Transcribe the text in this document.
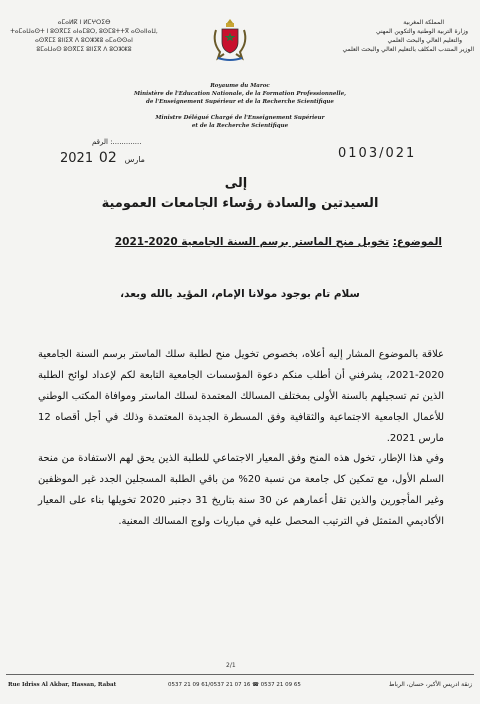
ⴰⵎⴰⵍⴽ ⵏ ⵍⵎⵖⵔⵉⴱ
ⵜⴰⵎⴰⵡⴰⵙⵜ ⵏ ⵓⵙⴳⵎⵉ ⴰⵏⴰⵎⵓⵔ, ⵓⵙⵎⵓⵜⵜⴳ ⴰⵙⴰⵏⵏⴰⵡ,
ⴰⵙⴳⵎⵉ ⵓⵏⵏⵉⴳ ⴷ ⵓⵔⵣⵣⵓ ⴰⵎⴰⵙⵙⴰⵏ
ⵓⵎⴰⵡⴰⵙ ⵓⵙⴳⵎⵉ ⵓⵏⵏⵉⴳ ⴷ ⵓⵔⵣⵣⵓ
المملكة المغربية
وزارة التربية الوطنية والتكوين المهني
والتعليم العالي والبحث العلمي
الوزير المنتدب المكلف بالتعليم العالي والبحث العلمي
Royaume du Maroc
Ministère de l'Education Nationale, de la Formation Professionnelle,
de l'Enseignement Supérieur et de la Recherche Scientifique
Ministre Délégué Chargé de l'Enseignement Supérieur
et de la Recherche Scientifique
الرقم :.............
2021	مارس 02	0103/021
إلى
السيدتين والسادة رؤساء الجامعات العمومية
الموضوع: تخويل منح الماستر برسم السنة الجامعية 2020-2021
سلام تام بوجود مولانا الإمام، المؤيد بالله وبعد،
علاقة بالموضوع المشار إليه أعلاه، بخصوص تخويل منح لطلبة سلك الماستر برسم السنة الجامعية 2020-2021، يشرفني أن أطلب منكم دعوة المؤسسات الجامعية التابعة لكم لإعداد لوائح الطلبة الذين تم تسجيلهم بالسنة الأولى بمختلف المسالك المعتمدة لسلك الماستر وموافاة المكتب الوطني للأعمال الجامعية الاجتماعية والثقافية وفق المسطرة الجديدة المعتمدة وذلك في أجل أقصاه 12 مارس 2021.
وفي هذا الإطار، تخول هذه المنح وفق المعيار الاجتماعي للطلبة الذين يحق لهم الاستفادة من منحة السلم الأول، مع تمكين كل جامعة من نسبة 20% من باقي الطلبة المسجلين الجدد غير الموظفين وغير المأجورين والذين تقل أعمارهم عن 30 سنة بتاريخ 31 دجنبر 2020 تخويلها بناء على المعيار الأكاديمي المتمثل في الترتيب المحصل عليه في مباريات ولوج المسالك المعنية.
2/1
Rue Idriss Al Akbar, Hassan, Rabat	0537 21 09 61/0537 21 07 16 ☎ 0537 21 09 65	زنقة ادريس الأكبر، حسان، الرباط
